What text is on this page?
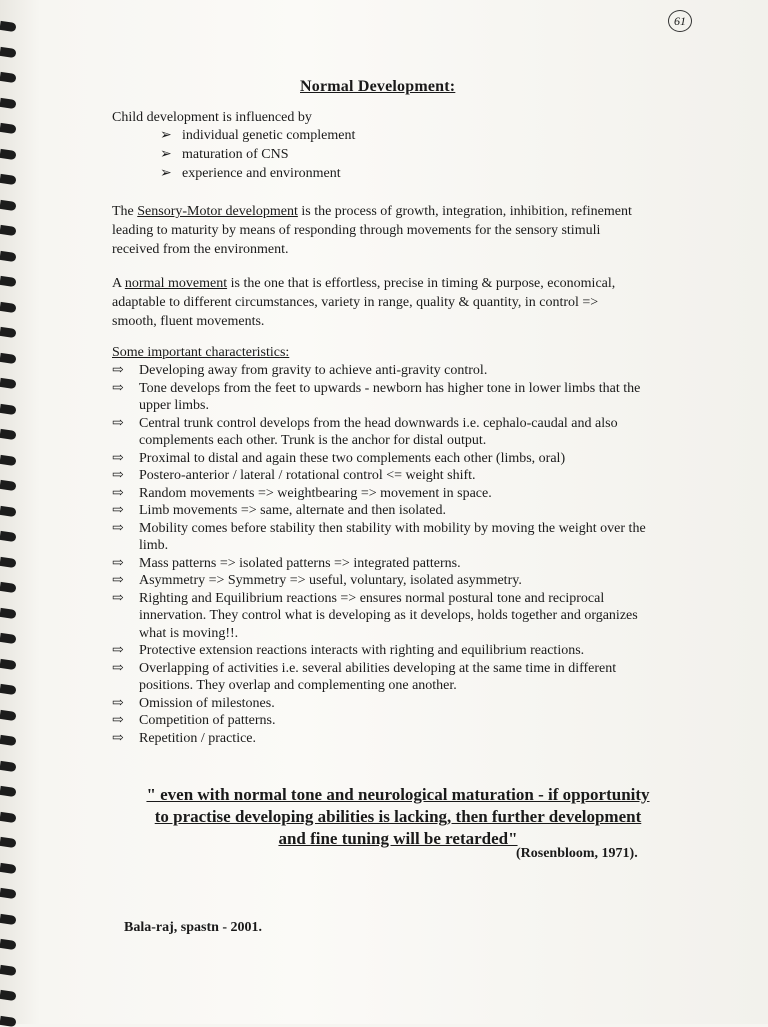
61
Normal Development:
Child development is influenced by
➢ individual genetic complement
➢ maturation of CNS
➢ experience and environment
The Sensory-Motor development is the process of growth, integration, inhibition, refinement leading to maturity by means of responding through movements for the sensory stimuli received from the environment.
A normal movement is the one that is effortless, precise in timing & purpose, economical, adaptable to different circumstances, variety in range, quality & quantity, in control => smooth, fluent movements.
Some important characteristics:
⇨	Developing away from gravity to achieve anti-gravity control.
⇨	Tone develops from the feet to upwards - newborn has higher tone in lower limbs that the upper limbs.
⇨	Central trunk control develops from the head downwards i.e. cephalo-caudal and also complements each other. Trunk is the anchor for distal output.
⇨	Proximal to distal and again these two complements each other (limbs, oral)
⇨	Postero-anterior / lateral / rotational control <= weight shift.
⇨	Random movements => weightbearing => movement in space.
⇨	Limb movements => same, alternate and then isolated.
⇨	Mobility comes before stability then stability with mobility by moving the weight over the limb.
⇨	Mass patterns => isolated patterns => integrated patterns.
⇨	Asymmetry => Symmetry => useful, voluntary, isolated asymmetry.
⇨	Righting and Equilibrium reactions => ensures normal postural tone and reciprocal innervation. They control what is developing as it develops, holds together and organizes what is moving!!.
⇨	Protective extension reactions interacts with righting and equilibrium reactions.
⇨	Overlapping of activities i.e. several abilities developing at the same time in different positions. They overlap and complementing one another.
⇨	Omission of milestones.
⇨	Competition of patterns.
⇨	Repetition / practice.
" even with normal tone and neurological maturation - if opportunity
to practise developing abilities is lacking, then further development
and fine tuning will be retarded"
(Rosenbloom, 1971).
Bala-raj, spastn - 2001.
